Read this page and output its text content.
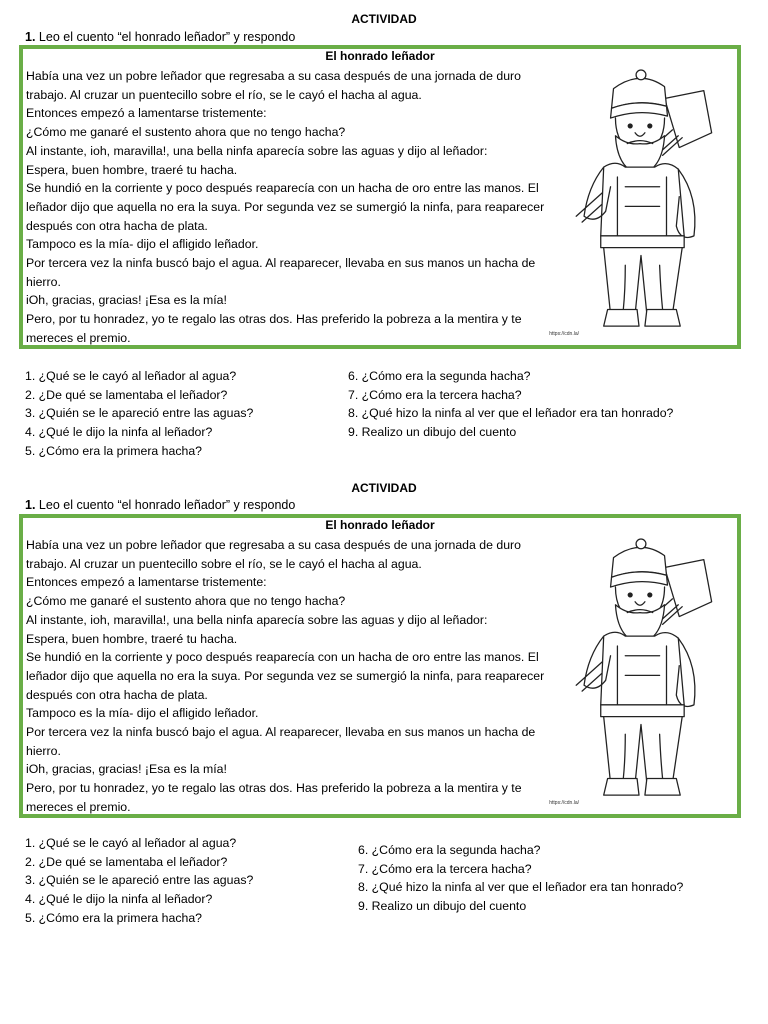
ACTIVIDAD
1. Leo el cuento “el honrado leñador” y respondo
El honrado leñador

Había una vez un pobre leñador que regresaba a su casa después de una jornada de duro trabajo. Al cruzar un puentecillo sobre el río, se le cayó el hacha al agua.

Entonces empezó a lamentarse tristemente:

¿Cómo me ganaré el sustento ahora que no tengo hacha?

Al instante, ioh, maravilla!, una bella ninfa aparecía sobre las aguas y dijo al leñador:

Espera, buen hombre, traeré tu hacha.

Se hundió en la corriente y poco después reaparecía con un hacha de oro entre las manos. El leñador dijo que aquella no era la suya. Por segunda vez se sumergió la ninfa, para reaparecer después con otra hacha de plata.

Tampoco es la mía- dijo el afligido leñador.

Por tercera vez la ninfa buscó bajo el agua. Al reaparecer, llevaba en sus manos un hacha de hierro.

iOh, gracias, gracias! ¡Esa es la mía!

Pero, por tu honradez, yo te regalo las otras dos. Has preferido la pobreza a la mentira y te mereces el premio.	https://cdn.la/
1. ¿Qué se le cayó al leñador al agua?
2. ¿De qué se lamentaba el leñador?
3. ¿Quién se le apareció entre las aguas?
4. ¿Qué le dijo la ninfa al leñador?
5. ¿Cómo era la primera hacha?
6. ¿Cómo era la segunda hacha?
7. ¿Cómo era la tercera hacha?
8. ¿Qué hizo la ninfa al ver que el leñador era tan honrado?
9. Realizo un dibujo del cuento
ACTIVIDAD
1. Leo el cuento “el honrado leñador” y respondo
El honrado leñador

Había una vez un pobre leñador que regresaba a su casa después de una jornada de duro trabajo. Al cruzar un puentecillo sobre el río, se le cayó el hacha al agua.

Entonces empezó a lamentarse tristemente:

¿Cómo me ganaré el sustento ahora que no tengo hacha?

Al instante, ioh, maravilla!, una bella ninfa aparecía sobre las aguas y dijo al leñador:

Espera, buen hombre, traeré tu hacha.

Se hundió en la corriente y poco después reaparecía con un hacha de oro entre las manos. El leñador dijo que aquella no era la suya. Por segunda vez se sumergió la ninfa, para reaparecer después con otra hacha de plata.

Tampoco es la mía- dijo el afligido leñador.

Por tercera vez la ninfa buscó bajo el agua. Al reaparecer, llevaba en sus manos un hacha de hierro.

iOh, gracias, gracias! ¡Esa es la mía!

Pero, por tu honradez, yo te regalo las otras dos. Has preferido la pobreza a la mentira y te mereces el premio.	https://cdn.la/
1. ¿Qué se le cayó al leñador al agua?
2. ¿De qué se lamentaba el leñador?
3. ¿Quién se le apareció entre las aguas?
4. ¿Qué le dijo la ninfa al leñador?
5. ¿Cómo era la primera hacha?
6. ¿Cómo era la segunda hacha?
7. ¿Cómo era la tercera hacha?
8. ¿Qué hizo la ninfa al ver que el leñador era tan honrado?
9. Realizo un dibujo del cuento
